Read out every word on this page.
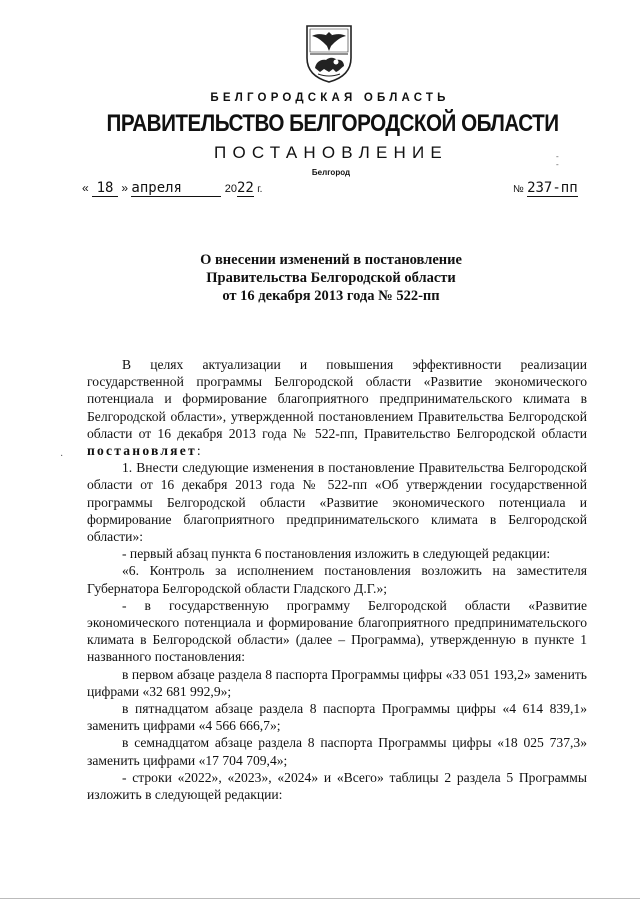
БЕЛГОРОДСКАЯ ОБЛАСТЬ
ПРАВИТЕЛЬСТВО БЕЛГОРОДСКОЙ ОБЛАСТИ
ПОСТАНОВЛЕНИЕ
Белгород
« 18 » апреля	2022 г.	№ 237-пп
О внесении изменений в постановление
Правительства Белгородской области
от 16 декабря 2013 года № 522-пп

В целях актуализации и повышения эффективности реализации государственной программы Белгородской области «Развитие экономического потенциала и формирование благоприятного предпринимательского климата в Белгородской области», утвержденной постановлением Правительства Белгородской области от 16 декабря 2013 года № 522-пп, Правительство Белгородской области постановляет:

1. Внести следующие изменения в постановление Правительства Белгородской области от 16 декабря 2013 года № 522-пп «Об утверждении государственной программы Белгородской области «Развитие экономического потенциала и формирование благоприятного предпринимательского климата в Белгородской области»:

- первый абзац пункта 6 постановления изложить в следующей редакции:

«6. Контроль за исполнением постановления возложить на заместителя Губернатора Белгородской области Гладского Д.Г.»;

- в государственную программу Белгородской области «Развитие экономического потенциала и формирование благоприятного предпринимательского климата в Белгородской области» (далее – Программа), утвержденную в пункте 1 названного постановления:

в первом абзаце раздела 8 паспорта Программы цифры «33 051 193,2» заменить цифрами «32 681 992,9»;

в пятнадцатом абзаце раздела 8 паспорта Программы цифры «4 614 839,1» заменить цифрами «4 566 666,7»;

в семнадцатом абзаце раздела 8 паспорта Программы цифры «18 025 737,3» заменить цифрами «17 704 709,4»;

- строки «2022», «2023», «2024» и «Всего» таблицы 2 раздела 5 Программы изложить в следующей редакции:

‑
‑
·
